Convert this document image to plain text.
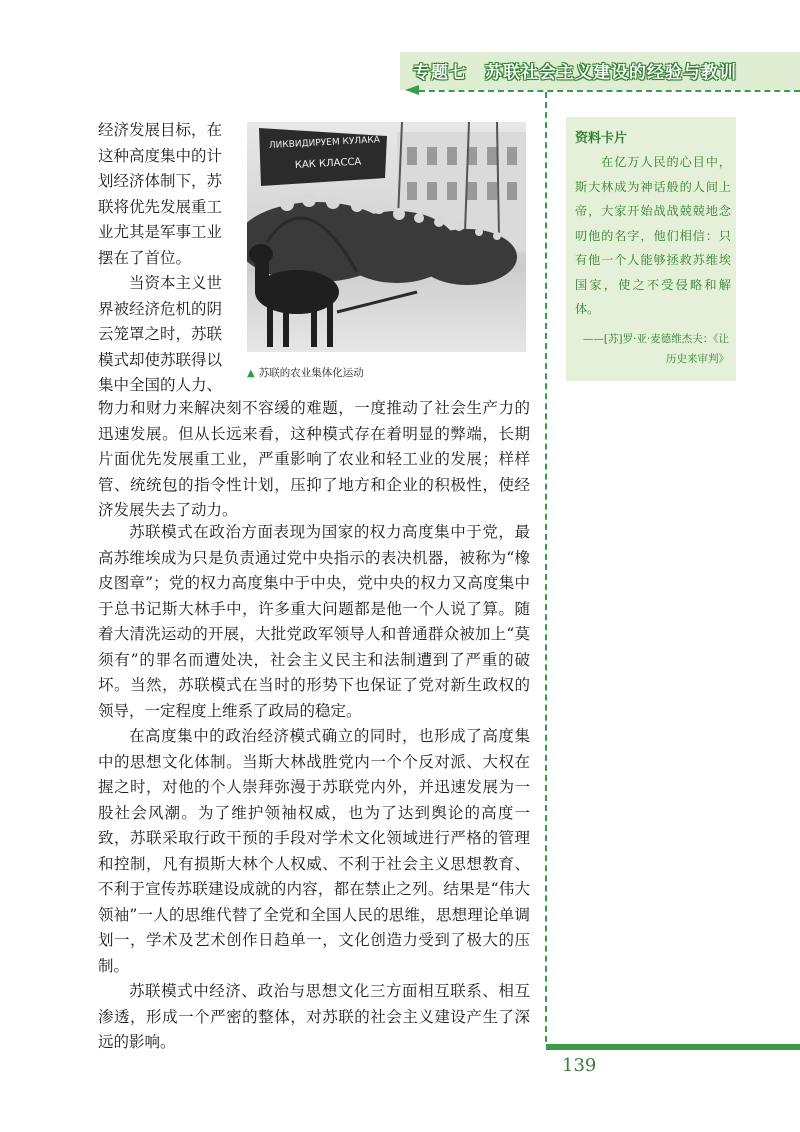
专题七　苏联社会主义建设的经验与教训
经济发展目标，在
这种高度集中的计
划经济体制下，苏
联将优先发展重工
业尤其是军事工业
摆在了首位。
　　当资本主义世
界被经济危机的阴
云笼罩之时，苏联
模式却使苏联得以
集中全国的人力、
ЛИКВИДИРУЕМ КУЛАКА
КАК КЛАССА
▲ 苏联的农业集体化运动

物力和财力来解决刻不容缓的难题，一度推动了社会生产力的迅速发展。但从长远来看，这种模式存在着明显的弊端，长期片面优先发展重工业，严重影响了农业和轻工业的发展；样样管、统统包的指令性计划，压抑了地方和企业的积极性，使经济发展失去了动力。

苏联模式在政治方面表现为国家的权力高度集中于党，最高苏维埃成为只是负责通过党中央指示的表决机器，被称为“橡皮图章”；党的权力高度集中于中央，党中央的权力又高度集中于总书记斯大林手中，许多重大问题都是他一个人说了算。随着大清洗运动的开展，大批党政军领导人和普通群众被加上“莫须有”的罪名而遭处决，社会主义民主和法制遭到了严重的破坏。当然，苏联模式在当时的形势下也保证了党对新生政权的领导，一定程度上维系了政局的稳定。

在高度集中的政治经济模式确立的同时，也形成了高度集中的思想文化体制。当斯大林战胜党内一个个反对派、大权在握之时，对他的个人崇拜弥漫于苏联党内外，并迅速发展为一股社会风潮。为了维护领袖权威，也为了达到舆论的高度一致，苏联采取行政干预的手段对学术文化领域进行严格的管理和控制，凡有损斯大林个人权威、不利于社会主义思想教育、不利于宣传苏联建设成就的内容，都在禁止之列。结果是“伟大领袖”一人的思维代替了全党和全国人民的思维，思想理论单调划一，学术及艺术创作日趋单一，文化创造力受到了极大的压制。

苏联模式中经济、政治与思想文化三方面相互联系、相互渗透，形成一个严密的整体，对苏联的社会主义建设产生了深远的影响。

资料卡片
　　在亿万人民的心目中，斯大林成为神话般的人间上帝，大家开始战战兢兢地念叨他的名字，他们相信：只有他一个人能够拯救苏维埃国家，使之不受侵略和解体。
——[苏]罗·亚·麦德维杰夫：《让历史来审判》
139
